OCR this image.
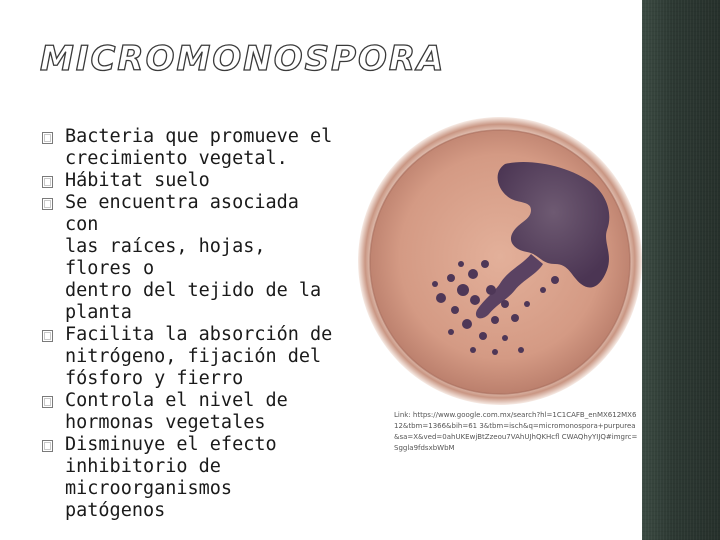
MICROMONOSPORA
Bacteria que promueve el
crecimiento vegetal.
Hábitat suelo
Se encuentra asociada con
las raíces, hojas, flores o
dentro del tejido de la
planta
Facilita la absorción de
nitrógeno, fijación del
fósforo y fierro
Controla el nivel de
hormonas vegetales
Disminuye el efecto
inhibitorio de
microorganismos patógenos
Link: https://www.google.com.mx/search?hl=1C1CAFB_enMX612MX612&tbm=1366&bih=61 3&tbm=isch&q=micromonospora+purpurea&sa=X&ved=0ahUKEwjBtZzeou7VAhUJhQKHcfl CWAQhyYIJQ#imgrc=Sggla9fdsxbWbM
